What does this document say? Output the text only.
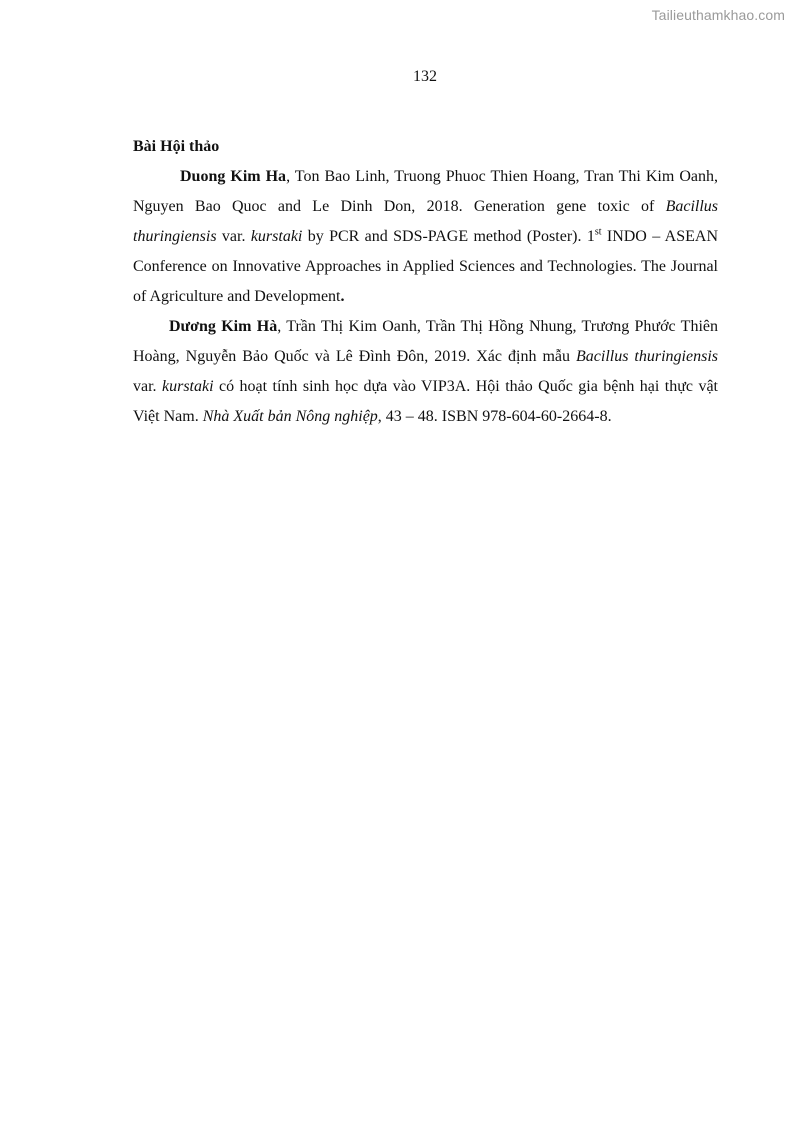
Tailieuthamkhao.com
132

Bài Hội thảo

Duong Kim Ha, Ton Bao Linh, Truong Phuoc Thien Hoang, Tran Thi Kim Oanh, Nguyen Bao Quoc and Le Dinh Don, 2018. Generation gene toxic of Bacillus thuringiensis var. kurstaki by PCR and SDS-PAGE method (Poster). 1st INDO – ASEAN Conference on Innovative Approaches in Applied Sciences and Technologies. The Journal of Agriculture and Development.

Dương Kim Hà, Trần Thị Kim Oanh, Trần Thị Hồng Nhung, Trương Phước Thiên Hoàng, Nguyễn Bảo Quốc và Lê Đình Đôn, 2019. Xác định mẫu Bacillus thuringiensis var. kurstaki có hoạt tính sinh học dựa vào VIP3A. Hội thảo Quốc gia bệnh hại thực vật Việt Nam. Nhà Xuất bản Nông nghiệp, 43 – 48. ISBN 978-604-60-2664-8.
